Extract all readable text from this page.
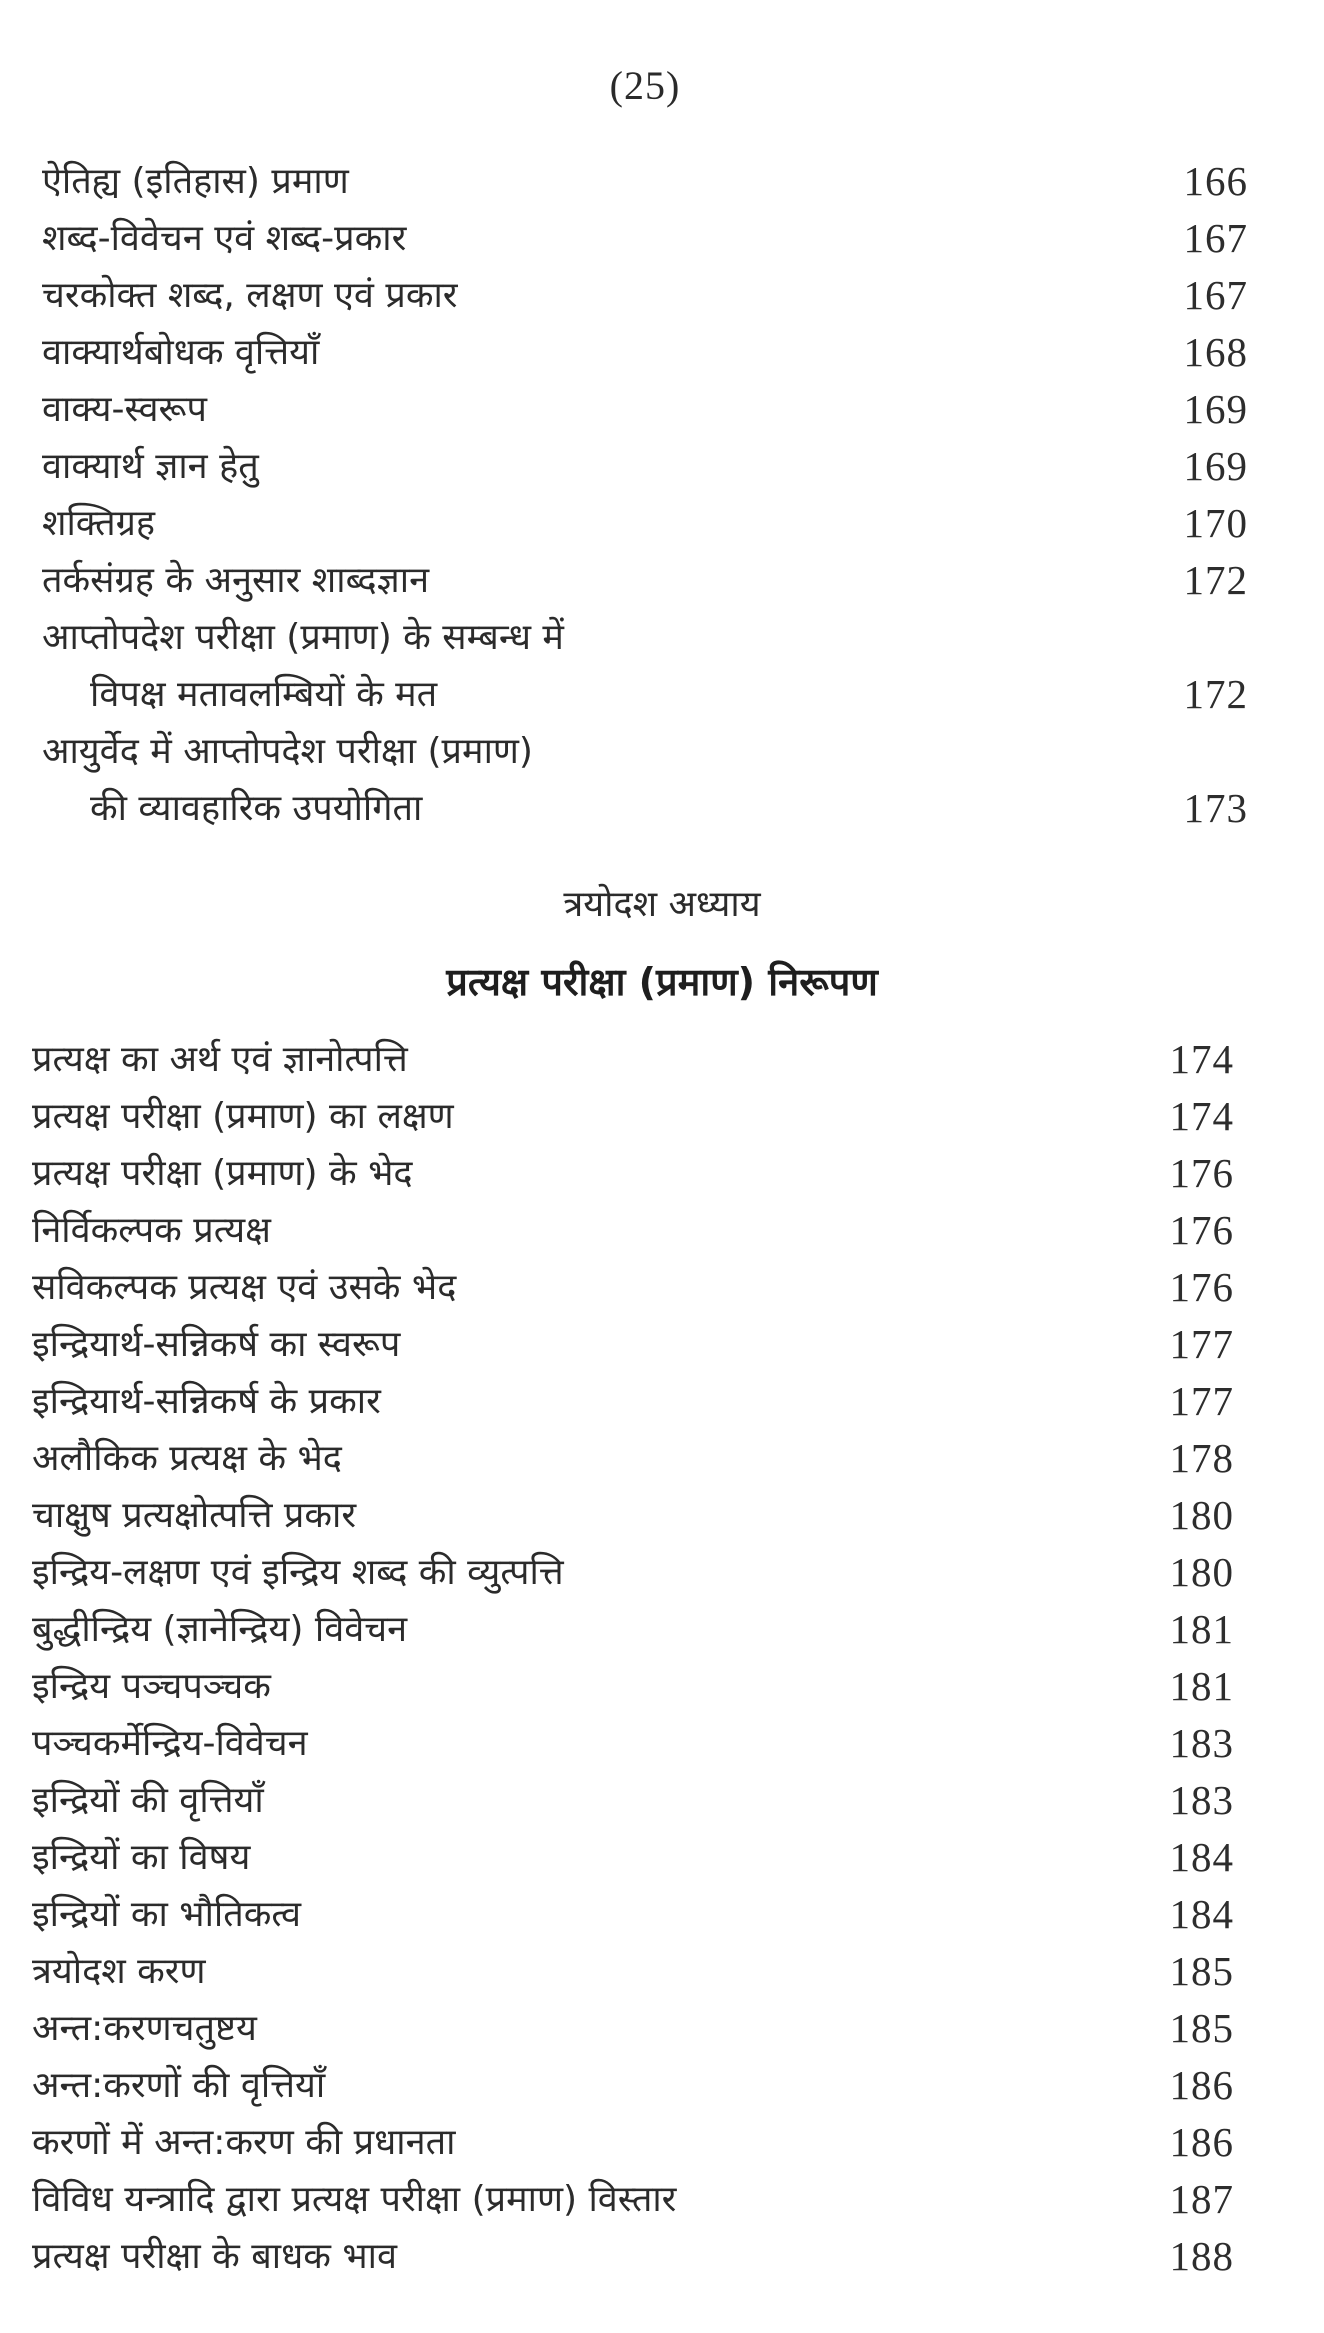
(25)
ऐतिह्य (इतिहास) प्रमाण	166
शब्द-विवेचन एवं शब्द-प्रकार	167
चरकोक्त शब्द, लक्षण एवं प्रकार	167
वाक्यार्थबोधक वृत्तियाँ	168
वाक्य-स्वरूप	169
वाक्यार्थ ज्ञान हेतु	169
शक्तिग्रह	170
तर्कसंग्रह के अनुसार शाब्दज्ञान	172
आप्तोपदेश परीक्षा (प्रमाण) के सम्बन्ध में
विपक्ष मतावलम्बियों के मत	172
आयुर्वेद में आप्तोपदेश परीक्षा (प्रमाण)
की व्यावहारिक उपयोगिता	173
त्रयोदश अध्याय
प्रत्यक्ष परीक्षा (प्रमाण) निरूपण
प्रत्यक्ष का अर्थ एवं ज्ञानोत्पत्ति	174
प्रत्यक्ष परीक्षा (प्रमाण) का लक्षण	174
प्रत्यक्ष परीक्षा (प्रमाण) के भेद	176
निर्विकल्पक प्रत्यक्ष	176
सविकल्पक प्रत्यक्ष एवं उसके भेद	176
इन्द्रियार्थ-सन्निकर्ष का स्वरूप	177
इन्द्रियार्थ-सन्निकर्ष के प्रकार	177
अलौकिक प्रत्यक्ष के भेद	178
चाक्षुष प्रत्यक्षोत्पत्ति प्रकार	180
इन्द्रिय-लक्षण एवं इन्द्रिय शब्द की व्युत्पत्ति	180
बुद्धीन्द्रिय (ज्ञानेन्द्रिय) विवेचन	181
इन्द्रिय पञ्चपञ्चक	181
पञ्चकर्मेन्द्रिय-विवेचन	183
इन्द्रियों की वृत्तियाँ	183
इन्द्रियों का विषय	184
इन्द्रियों का भौतिकत्व	184
त्रयोदश करण	185
अन्त:करणचतुष्टय	185
अन्त:करणों की वृत्तियाँ	186
करणों में अन्त:करण की प्रधानता	186
विविध यन्त्रादि द्वारा प्रत्यक्ष परीक्षा (प्रमाण) विस्तार	187
प्रत्यक्ष परीक्षा के बाधक भाव	188
